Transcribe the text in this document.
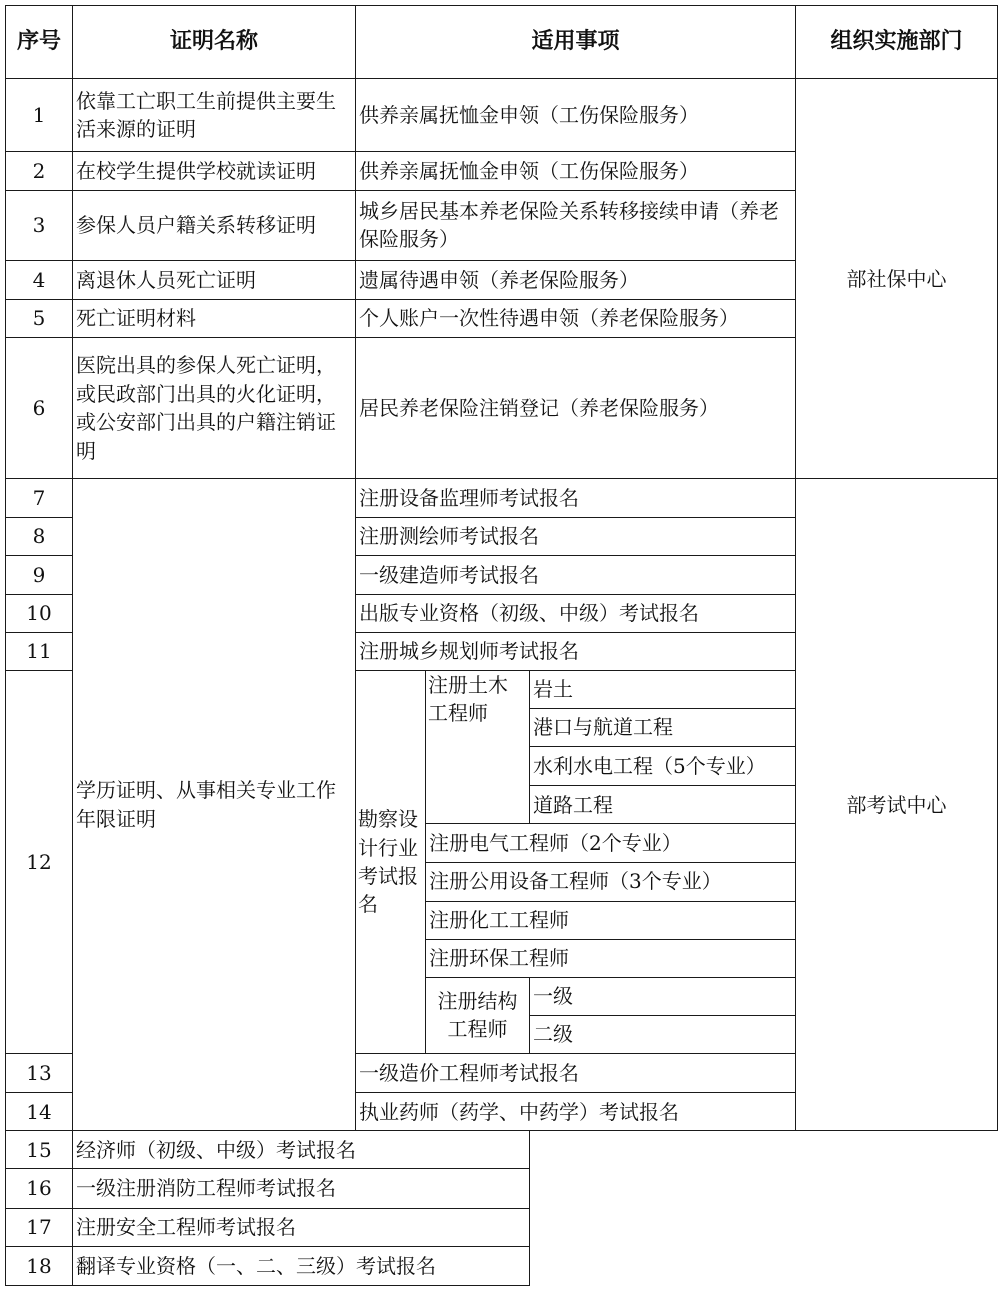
序号	证明名称	适用事项			组织实施部门
1	依靠工亡职工生前提供主要生活来源的证明	供养亲属抚恤金申领（工伤保险服务）			部社保中心
2	在校学生提供学校就读证明	供养亲属抚恤金申领（工伤保险服务）			
3	参保人员户籍关系转移证明	城乡居民基本养老保险关系转移接续申请（养老保险服务）			
4	离退休人员死亡证明	遗属待遇申领（养老保险服务）			
5	死亡证明材料	个人账户一次性待遇申领（养老保险服务）			
6	医院出具的参保人死亡证明，或民政部门出具的火化证明，或公安部门出具的户籍注销证明	居民养老保险注销登记（养老保险服务）			
7	学历证明、从事相关专业工作年限证明	注册设备监理师考试报名			部考试中心
8		注册测绘师考试报名			
9		一级建造师考试报名			
10		出版专业资格（初级、中级）考试报名			
11		注册城乡规划师考试报名			
12		勘察设计行业考试报名	注册土木工程师	岩土	
				港口与航道工程	
				水利水电工程（5个专业）	
				道路工程	
			注册电气工程师（2个专业）		
			注册公用设备工程师（3个专业）		
			注册化工工程师		
			注册环保工程师		
			注册结构工程师	一级	
				二级	
13		一级造价工程师考试报名			
14		执业药师（药学、中药学）考试报名			
15	经济师（初级、中级）考试报名				
16	一级注册消防工程师考试报名				
17	注册安全工程师考试报名				
18	翻译专业资格（一、二、三级）考试报名				
